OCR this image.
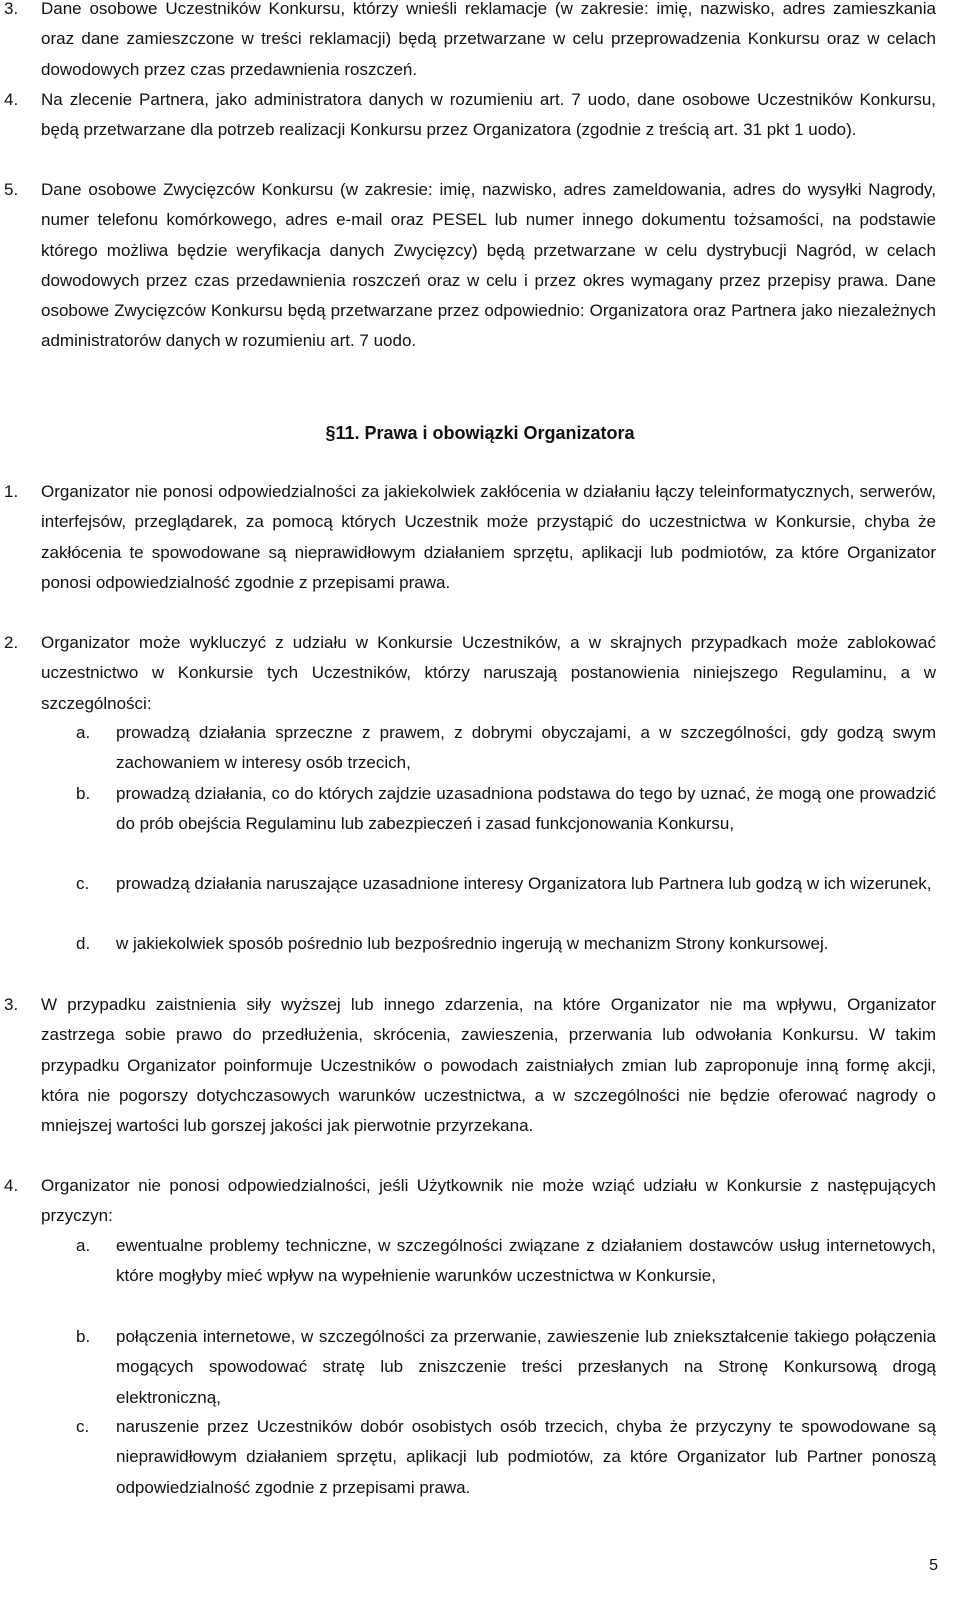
3. Dane osobowe Uczestników Konkursu, którzy wnieśli reklamacje (w zakresie: imię, nazwisko, adres zamieszkania oraz dane zamieszczone w treści reklamacji) będą przetwarzane w celu przeprowadzenia Konkursu oraz w celach dowodowych przez czas przedawnienia roszczeń.
4. Na zlecenie Partnera, jako administratora danych w rozumieniu art. 7 uodo, dane osobowe Uczestników Konkursu, będą przetwarzane dla potrzeb realizacji Konkursu przez Organizatora (zgodnie z treścią art. 31 pkt 1 uodo).
5. Dane osobowe Zwycięzców Konkursu (w zakresie: imię, nazwisko, adres zameldowania, adres do wysyłki Nagrody, numer telefonu komórkowego, adres e-mail oraz PESEL lub numer innego dokumentu tożsamości, na podstawie którego możliwa będzie weryfikacja danych Zwycięzcy) będą przetwarzane w celu dystrybucji Nagród, w celach dowodowych przez czas przedawnienia roszczeń oraz w celu i przez okres wymagany przez przepisy prawa. Dane osobowe Zwycięzców Konkursu będą przetwarzane przez odpowiednio: Organizatora oraz Partnera jako niezależnych administratorów danych w rozumieniu art. 7 uodo.
§11. Prawa i obowiązki Organizatora
1. Organizator nie ponosi odpowiedzialności za jakiekolwiek zakłócenia w działaniu łączy teleinformatycznych, serwerów, interfejsów, przeglądarek, za pomocą których Uczestnik może przystąpić do uczestnictwa w Konkursie, chyba że zakłócenia te spowodowane są nieprawidłowym działaniem sprzętu, aplikacji lub podmiotów, za które Organizator ponosi odpowiedzialność zgodnie z przepisami prawa.
2. Organizator może wykluczyć z udziału w Konkursie Uczestników, a w skrajnych przypadkach może zablokować uczestnictwo w Konkursie tych Uczestników, którzy naruszają postanowienia niniejszego Regulaminu, a w szczególności:
a. prowadzą działania sprzeczne z prawem, z dobrymi obyczajami, a w szczególności, gdy godzą swym zachowaniem w interesy osób trzecich,
b. prowadzą działania, co do których zajdzie uzasadniona podstawa do tego by uznać, że mogą one prowadzić do prób obejścia Regulaminu lub zabezpieczeń i zasad funkcjonowania Konkursu,
c. prowadzą działania naruszające uzasadnione interesy Organizatora lub Partnera lub godzą w ich wizerunek,
d. w jakiekolwiek sposób pośrednio lub bezpośrednio ingerują w mechanizm Strony konkursowej.
3. W przypadku zaistnienia siły wyższej lub innego zdarzenia, na które Organizator nie ma wpływu, Organizator zastrzega sobie prawo do przedłużenia, skrócenia, zawieszenia, przerwania lub odwołania Konkursu. W takim przypadku Organizator poinformuje Uczestników o powodach zaistniałych zmian lub zaproponuje inną formę akcji, która nie pogorszy dotychczasowych warunków uczestnictwa, a w szczególności nie będzie oferować nagrody o mniejszej wartości lub gorszej jakości jak pierwotnie przyrzekana.
4. Organizator nie ponosi odpowiedzialności, jeśli Użytkownik nie może wziąć udziału w Konkursie z następujących przyczyn:
a. ewentualne problemy techniczne, w szczególności związane z działaniem dostawców usług internetowych, które mogłyby mieć wpływ na wypełnienie warunków uczestnictwa w Konkursie,
b. połączenia internetowe, w szczególności za przerwanie, zawieszenie lub zniekształcenie takiego połączenia mogących spowodować stratę lub zniszczenie treści przesłanych na Stronę Konkursową drogą elektroniczną,
c. naruszenie przez Uczestników dobór osobistych osób trzecich, chyba że przyczyny te spowodowane są nieprawidłowym działaniem sprzętu, aplikacji lub podmiotów, za które Organizator lub Partner ponoszą odpowiedzialność zgodnie z przepisami prawa.
5
